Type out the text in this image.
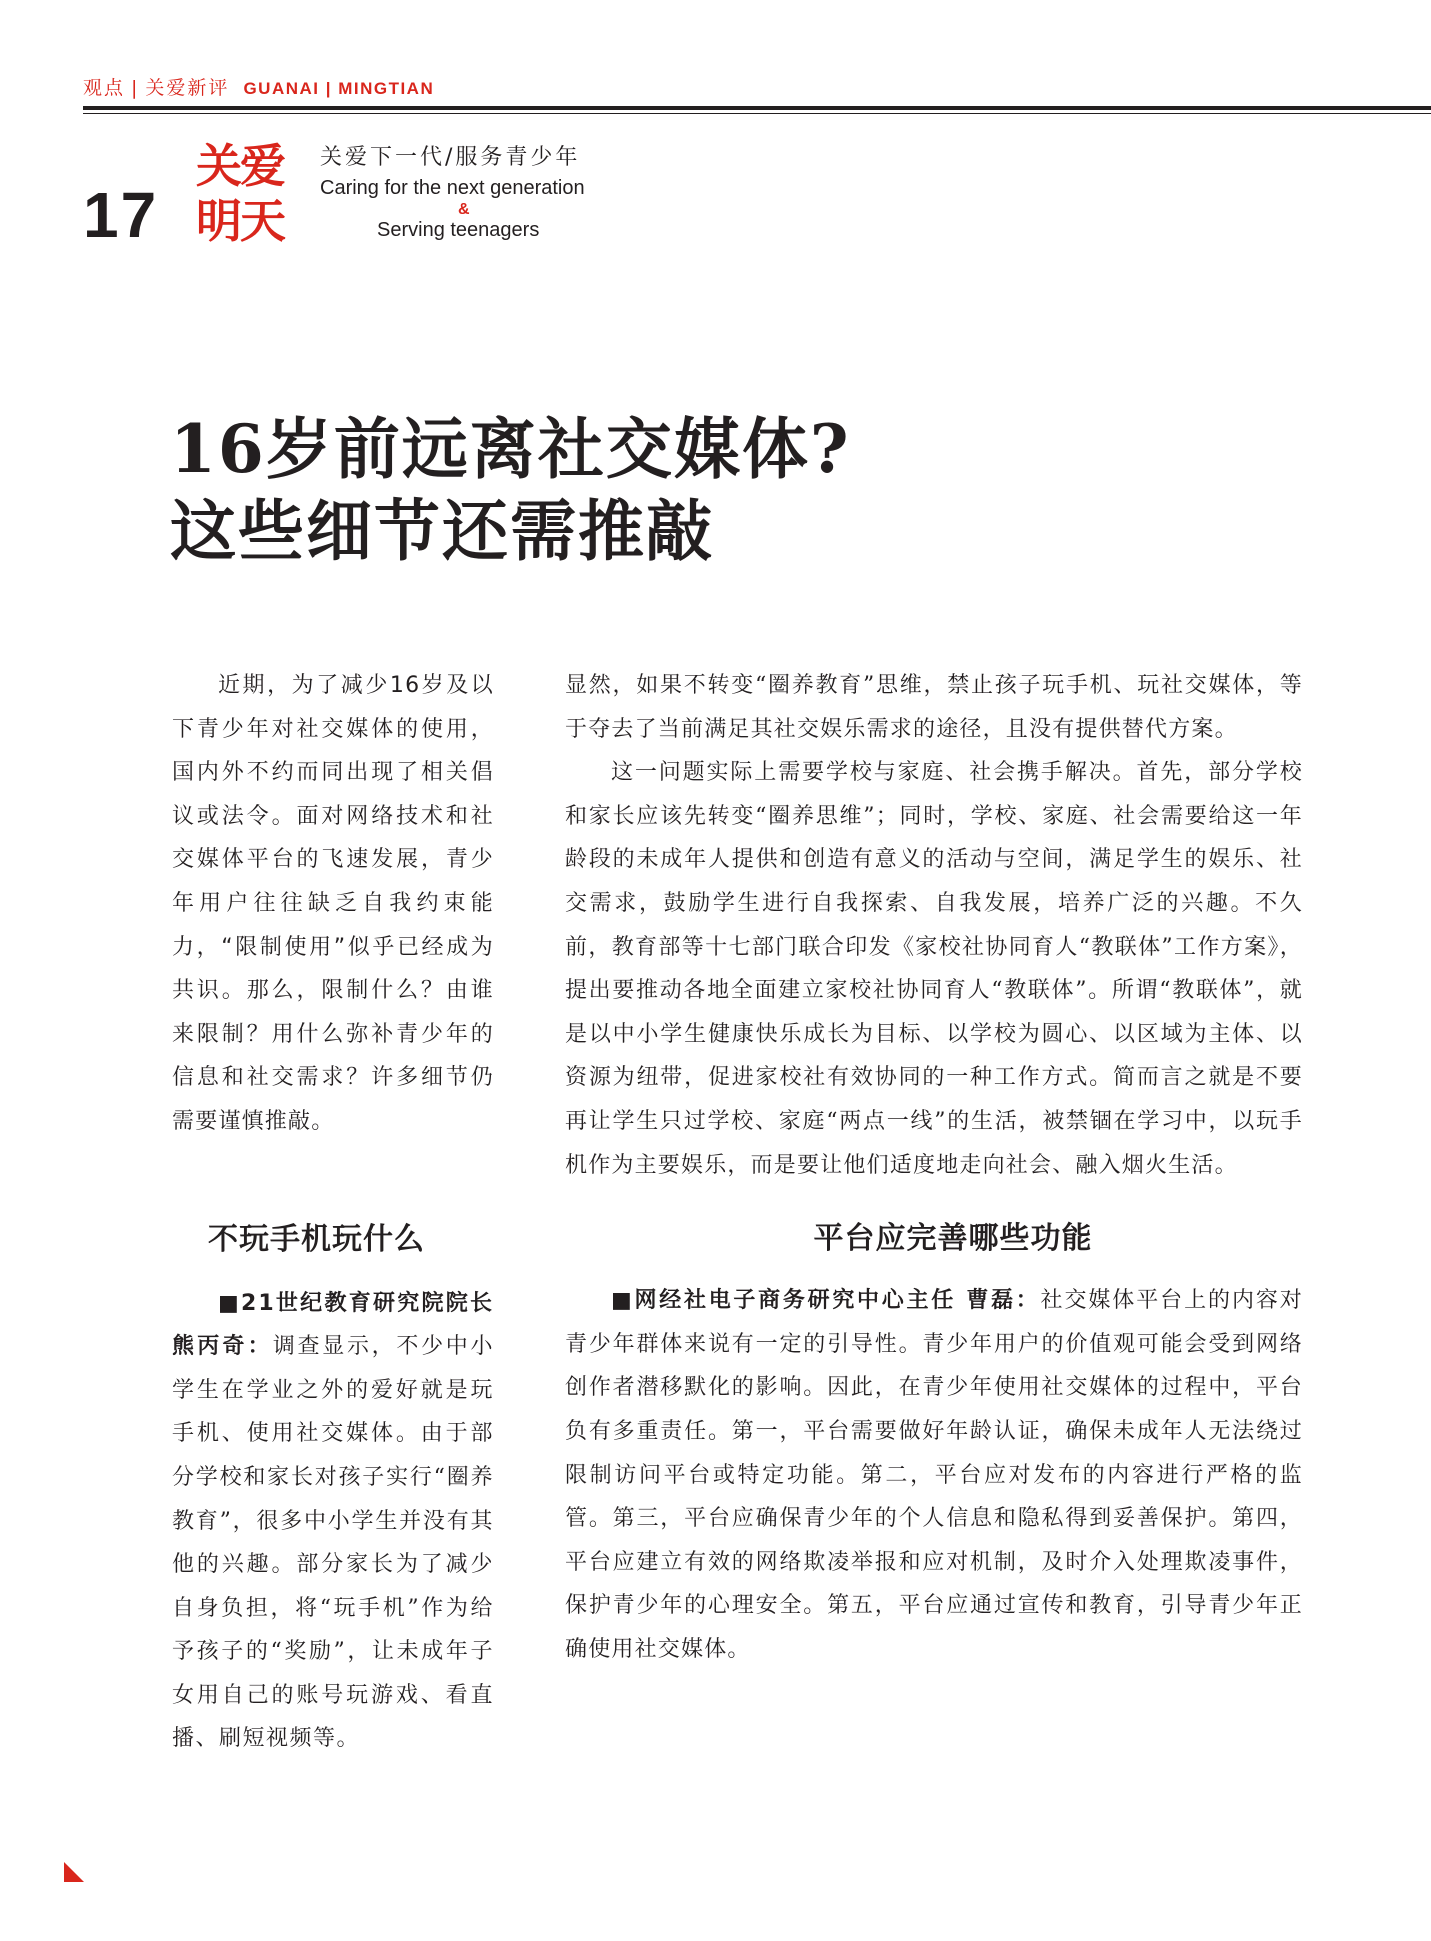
观点 | 关爱新评 GUANAI | MINGTIAN
17
关爱
明天
关爱下一代/服务青少年
Caring for the next generation
&
Serving teenagers
16岁前远离社交媒体?
这些细节还需推敲

近期，为了减少16岁及以下青少年对社交媒体的使用，国内外不约而同出现了相关倡议或法令。面对网络技术和社交媒体平台的飞速发展，青少年用户往往缺乏自我约束能力，“限制使用”似乎已经成为共识。那么，限制什么？由谁来限制？用什么弥补青少年的信息和社交需求？许多细节仍需要谨慎推敲。

不玩手机玩什么

■21世纪教育研究院院长 熊丙奇：调查显示，不少中小学生在学业之外的爱好就是玩手机、使用社交媒体。由于部分学校和家长对孩子实行“圈养教育”，很多中小学生并没有其他的兴趣。部分家长为了减少自身负担，将“玩手机”作为给予孩子的“奖励”，让未成年子女用自己的账号玩游戏、看直播、刷短视频等。

显然，如果不转变“圈养教育”思维，禁止孩子玩手机、玩社交媒体，等于夺去了当前满足其社交娱乐需求的途径，且没有提供替代方案。

这一问题实际上需要学校与家庭、社会携手解决。首先，部分学校和家长应该先转变“圈养思维”；同时，学校、家庭、社会需要给这一年龄段的未成年人提供和创造有意义的活动与空间，满足学生的娱乐、社交需求，鼓励学生进行自我探索、自我发展，培养广泛的兴趣。不久前，教育部等十七部门联合印发《家校社协同育人“教联体”工作方案》，提出要推动各地全面建立家校社协同育人“教联体”。所谓“教联体”，就是以中小学生健康快乐成长为目标、以学校为圆心、以区域为主体、以资源为纽带，促进家校社有效协同的一种工作方式。简而言之就是不要再让学生只过学校、家庭“两点一线”的生活，被禁锢在学习中，以玩手机作为主要娱乐，而是要让他们适度地走向社会、融入烟火生活。

平台应完善哪些功能

■网经社电子商务研究中心主任 曹磊：社交媒体平台上的内容对青少年群体来说有一定的引导性。青少年用户的价值观可能会受到网络创作者潜移默化的影响。因此，在青少年使用社交媒体的过程中，平台负有多重责任。第一，平台需要做好年龄认证，确保未成年人无法绕过限制访问平台或特定功能。第二，平台应对发布的内容进行严格的监管。第三，平台应确保青少年的个人信息和隐私得到妥善保护。第四，平台应建立有效的网络欺凌举报和应对机制，及时介入处理欺凌事件，保护青少年的心理安全。第五，平台应通过宣传和教育，引导青少年正确使用社交媒体。
